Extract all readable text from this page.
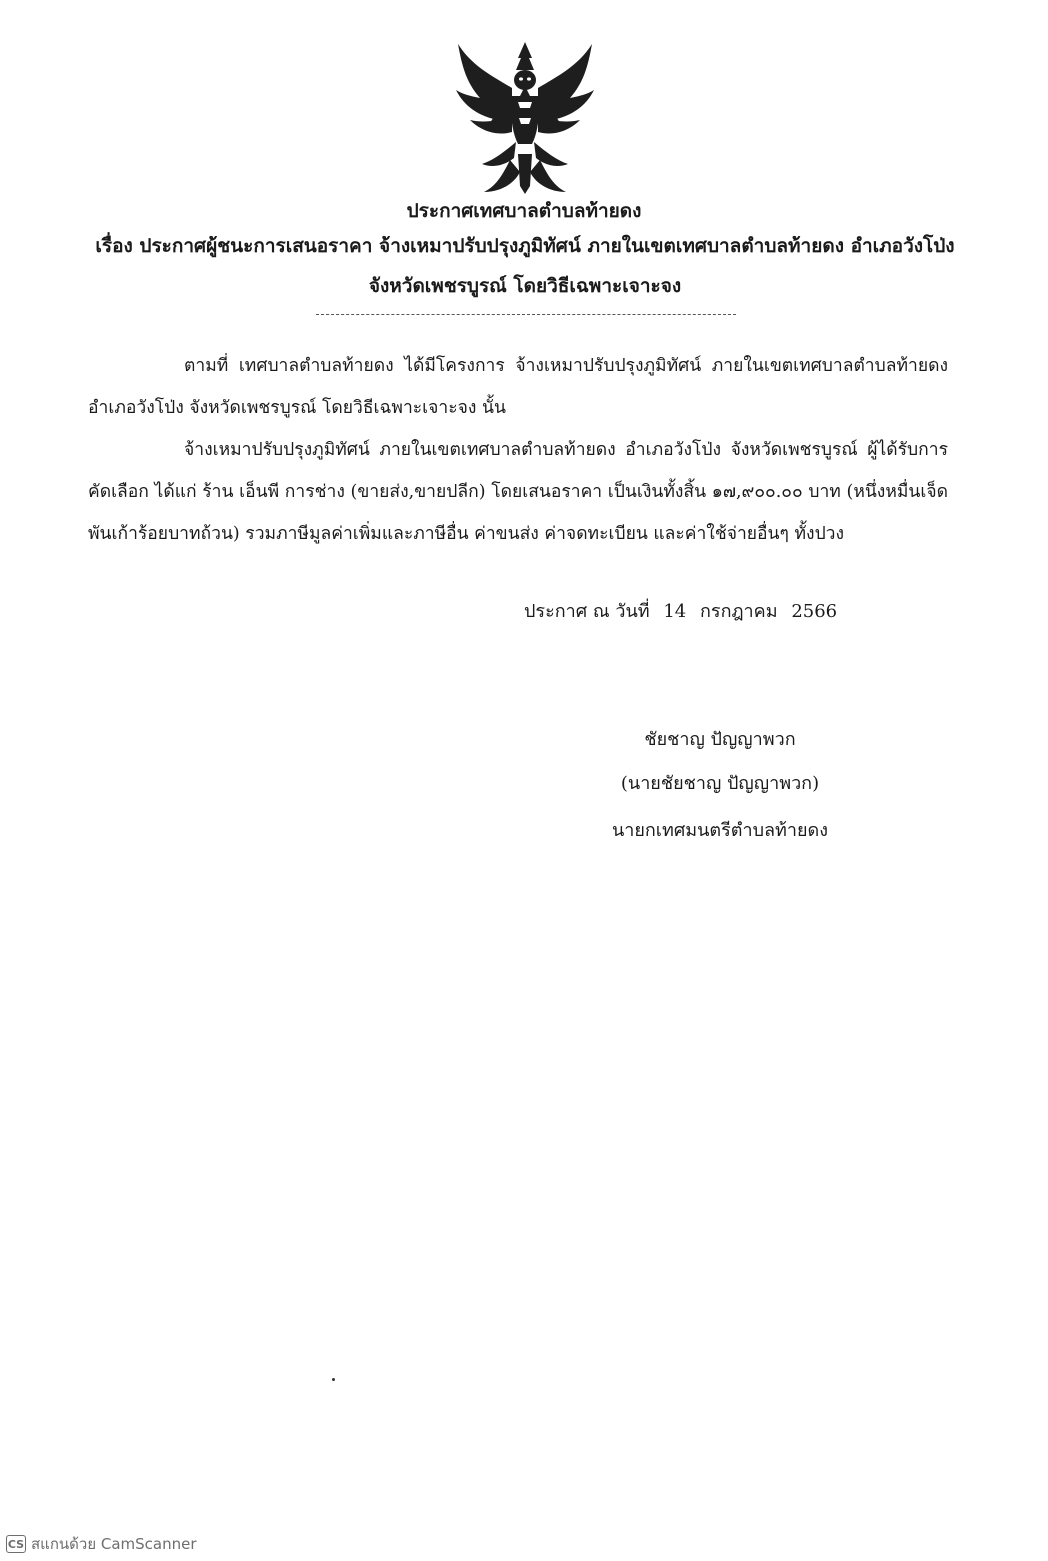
ประกาศเทศบาลตำบลท้ายดง
เรื่อง ประกาศผู้ชนะการเสนอราคา จ้างเหมาปรับปรุงภูมิทัศน์ ภายในเขตเทศบาลตำบลท้ายดง อำเภอวังโป่ง
จังหวัดเพชรบูรณ์ โดยวิธีเฉพาะเจาะจง
ตามที่ เทศบาลตำบลท้ายดง ได้มีโครงการ จ้างเหมาปรับปรุงภูมิทัศน์ ภายในเขตเทศบาลตำบลท้ายดง อำเภอวังโป่ง จังหวัดเพชรบูรณ์ โดยวิธีเฉพาะเจาะจง นั้น
จ้างเหมาปรับปรุงภูมิทัศน์ ภายในเขตเทศบาลตำบลท้ายดง อำเภอวังโป่ง จังหวัดเพชรบูรณ์ ผู้ได้รับการคัดเลือก ได้แก่ ร้าน เอ็นพี การช่าง (ขายส่ง,ขายปลีก) โดยเสนอราคา เป็นเงินทั้งสิ้น ๑๗,๙๐๐.๐๐ บาท (หนึ่งหมื่นเจ็ดพันเก้าร้อยบาทถ้วน) รวมภาษีมูลค่าเพิ่มและภาษีอื่น ค่าขนส่ง ค่าจดทะเบียน และค่าใช้จ่ายอื่นๆ ทั้งปวง
ประกาศ ณ วันที่ 14 กรกฎาคม 2566
ชัยชาญ ปัญญาพวก
(นายชัยชาญ ปัญญาพวก)
นายกเทศมนตรีตำบลท้ายดง
CS สแกนด้วย CamScanner
